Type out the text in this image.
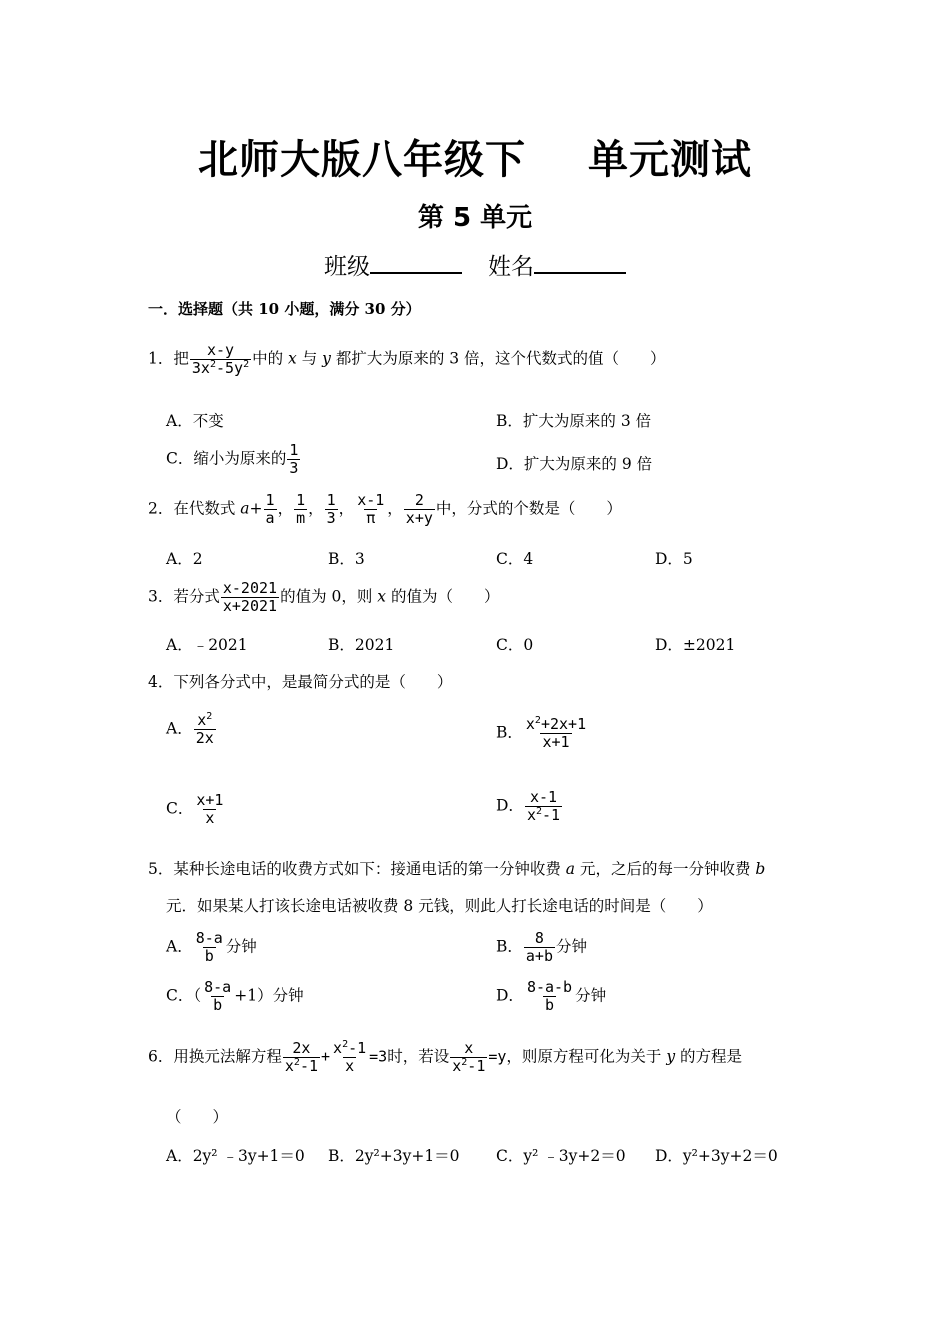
北师大版八年级下 单元测试
第 5 单元
班级	姓名
一．选择题（共 10 小题，满分 30 分）
1．把 $\frac{x-y}{3x^2-5y^2}$ 中的 x 与 y 都扩大为原来的 3 倍，这个代数式的值（　　）
A．不变	B．扩大为原来的 3 倍
C．缩小为原来的 $\frac{1}{3}$	D．扩大为原来的 9 倍
2．在代数式 $a+ \frac{1}{a}$ ， $\frac{1}{m}$ ， $\frac{1}{3}$ ， $\frac{x-1}{\pi}$ ， $\frac{2}{x+y}$ 中，分式的个数是（　　）
A．2	B．3	C．4	D．5
3．若分式 $\frac{x-2021}{x+2021}$ 的值为 0，则 x 的值为（　　）
A．﹣2021	B．2021	C．0	D．±2021
4．下列各分式中，是最简分式的是（　　）
A． $\frac{x^2}{2x}$	B． $\frac{x^2+2x+1}{x+1}$
C． $\frac{x+1}{x}$	D． $\frac{x-1}{x^2-1}$
5．某种长途电话的收费方式如下：接通电话的第一分钟收费 a 元，之后的每一分钟收费 b
元．如果某人打该长途电话被收费 8 元钱，则此人打长途电话的时间是（　　）
A． $\frac{8-a}{b}$ 分钟	B． $\frac{8}{a+b}$ 分钟
C．（ $\frac{8-a}{b} +1$）分钟	D． $\frac{8-a-b}{b}$ 分钟
6．用换元法解方程 $\frac{2x}{x^2-1} + \frac{x^2-1}{x} =3$时，若设 $\frac{x}{x^2-1} =y$，则原方程可化为关于 y 的方程是
（　　）
A．2y² ﹣3y+1＝0 B．2y²+3y+1＝0 C．y² ﹣3y+2＝0 D．y²+3y+2＝0
